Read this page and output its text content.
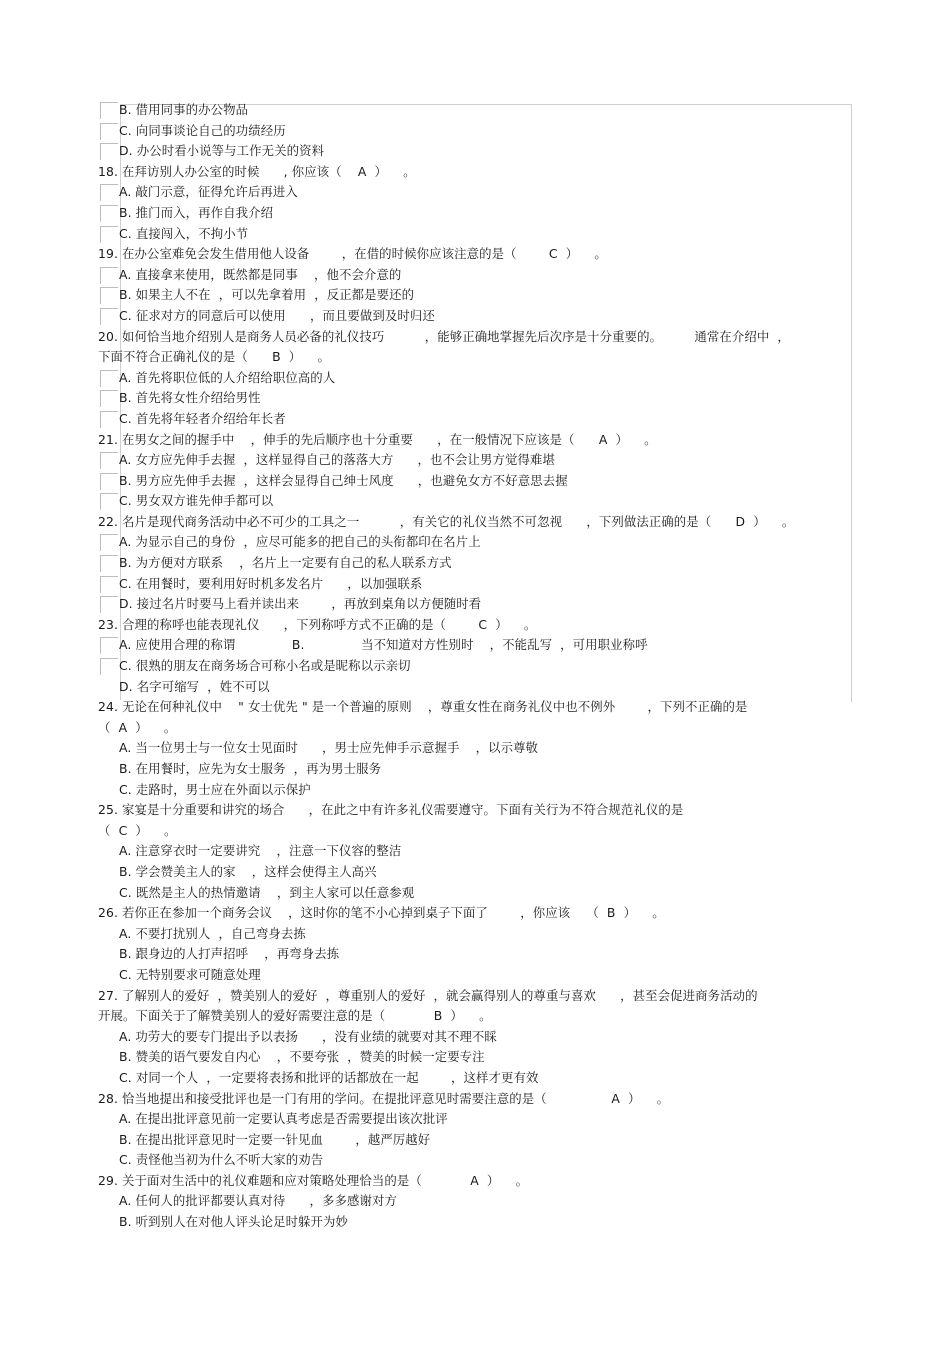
B. 借用同事的办公物品
C. 向同事谈论自己的功绩经历
D. 办公时看小说等与工作无关的资料
18. 在拜访别人办公室的时候      , 你应该（    A  ）    。
A. 敲门示意，征得允许后再进入
B. 推门而入，再作自我介绍
C. 直接闯入，不拘小节
19. 在办公室难免会发生借用他人设备        ，在借的时候你应该注意的是（        C  ）    。
A. 直接拿来使用，既然都是同事    ，他不会介意的
B. 如果主人不在  ，可以先拿着用  ，反正都是要还的
C. 征求对方的同意后可以使用      ，而且要做到及时归还
20. 如何恰当地介绍别人是商务人员必备的礼仪技巧          ，能够正确地掌握先后次序是十分重要的。        通常在介绍中  ，
下面不符合正确礼仪的是（      B  ）    。
A. 首先将职位低的人介绍给职位高的人
B. 首先将女性介绍给男性
C. 首先将年轻者介绍给年长者
21. 在男女之间的握手中    ，伸手的先后顺序也十分重要      ，在一般情况下应该是（      A  ）    。
A. 女方应先伸手去握  ，这样显得自己的落落大方      ，也不会让男方觉得难堪
B. 男方应先伸手去握  ，这样会显得自己绅士风度      ，也避免女方不好意思去握
C. 男女双方谁先伸手都可以
22. 名片是现代商务活动中必不可少的工具之一          ，有关它的礼仪当然不可忽视      ，下列做法正确的是（      D  ）    。
A. 为显示自己的身份  ，应尽可能多的把自己的头衔都印在名片上
B. 为方便对方联系    ，名片上一定要有自己的私人联系方式
C. 在用餐时，要利用好时机多发名片      ，以加强联系
D. 接过名片时要马上看并读出来        ，再放到桌角以方便随时看
23. 合理的称呼也能表现礼仪      ，下列称呼方式不正确的是（        C  ）    。
A. 应使用合理的称谓              B.              当不知道对方性别时    ，不能乱写  ，可用职业称呼
C. 很熟的朋友在商务场合可称小名或是昵称以示亲切
D. 名字可缩写  ，姓不可以
24. 无论在何种礼仪中    " 女士优先 " 是一个普遍的原则    ，尊重女性在商务礼仪中也不例外        ，下列不正确的是
（  A  ）    。
A. 当一位男士与一位女士见面时      ，男士应先伸手示意握手    ，以示尊敬
B. 在用餐时，应先为女士服务  ，再为男士服务
C. 走路时，男士应在外面以示保护
25. 家宴是十分重要和讲究的场合      ，在此之中有许多礼仪需要遵守。下面有关行为不符合规范礼仪的是
（  C  ）    。
A. 注意穿衣时一定要讲究    ，注意一下仪容的整洁
B. 学会赞美主人的家    ，这样会使得主人高兴
C. 既然是主人的热情邀请    ，到主人家可以任意参观
26. 若你正在参加一个商务会议    ，这时你的笔不小心掉到桌子下面了        ，你应该    （  B  ）    。
A. 不要打扰别人  ，自己弯身去拣
B. 跟身边的人打声招呼    ，再弯身去拣
C. 无特别要求可随意处理
27. 了解别人的爱好  ，赞美别人的爱好  ，尊重别人的爱好  ，就会赢得别人的尊重与喜欢      ，甚至会促进商务活动的
开展。下面关于了解赞美别人的爱好需要注意的是（            B  ）    。
A. 功劳大的要专门提出予以表扬      ，没有业绩的就要对其不理不睬
B. 赞美的语气要发自内心    ，不要夸张  ，赞美的时候一定要专注
C. 对同一个人  ，一定要将表扬和批评的话都放在一起        ，这样才更有效
28. 恰当地提出和接受批评也是一门有用的学问。在提批评意见时需要注意的是（                A  ）    。
A. 在提出批评意见前一定要认真考虑是否需要提出该次批评
B. 在提出批评意见时一定要一针见血        ，越严厉越好
C. 责怪他当初为什么不听大家的劝告
29. 关于面对生活中的礼仪难题和应对策略处理恰当的是（            A  ）    。
A. 任何人的批评都要认真对待      ，多多感谢对方
B. 听到别人在对他人评头论足时躲开为妙
